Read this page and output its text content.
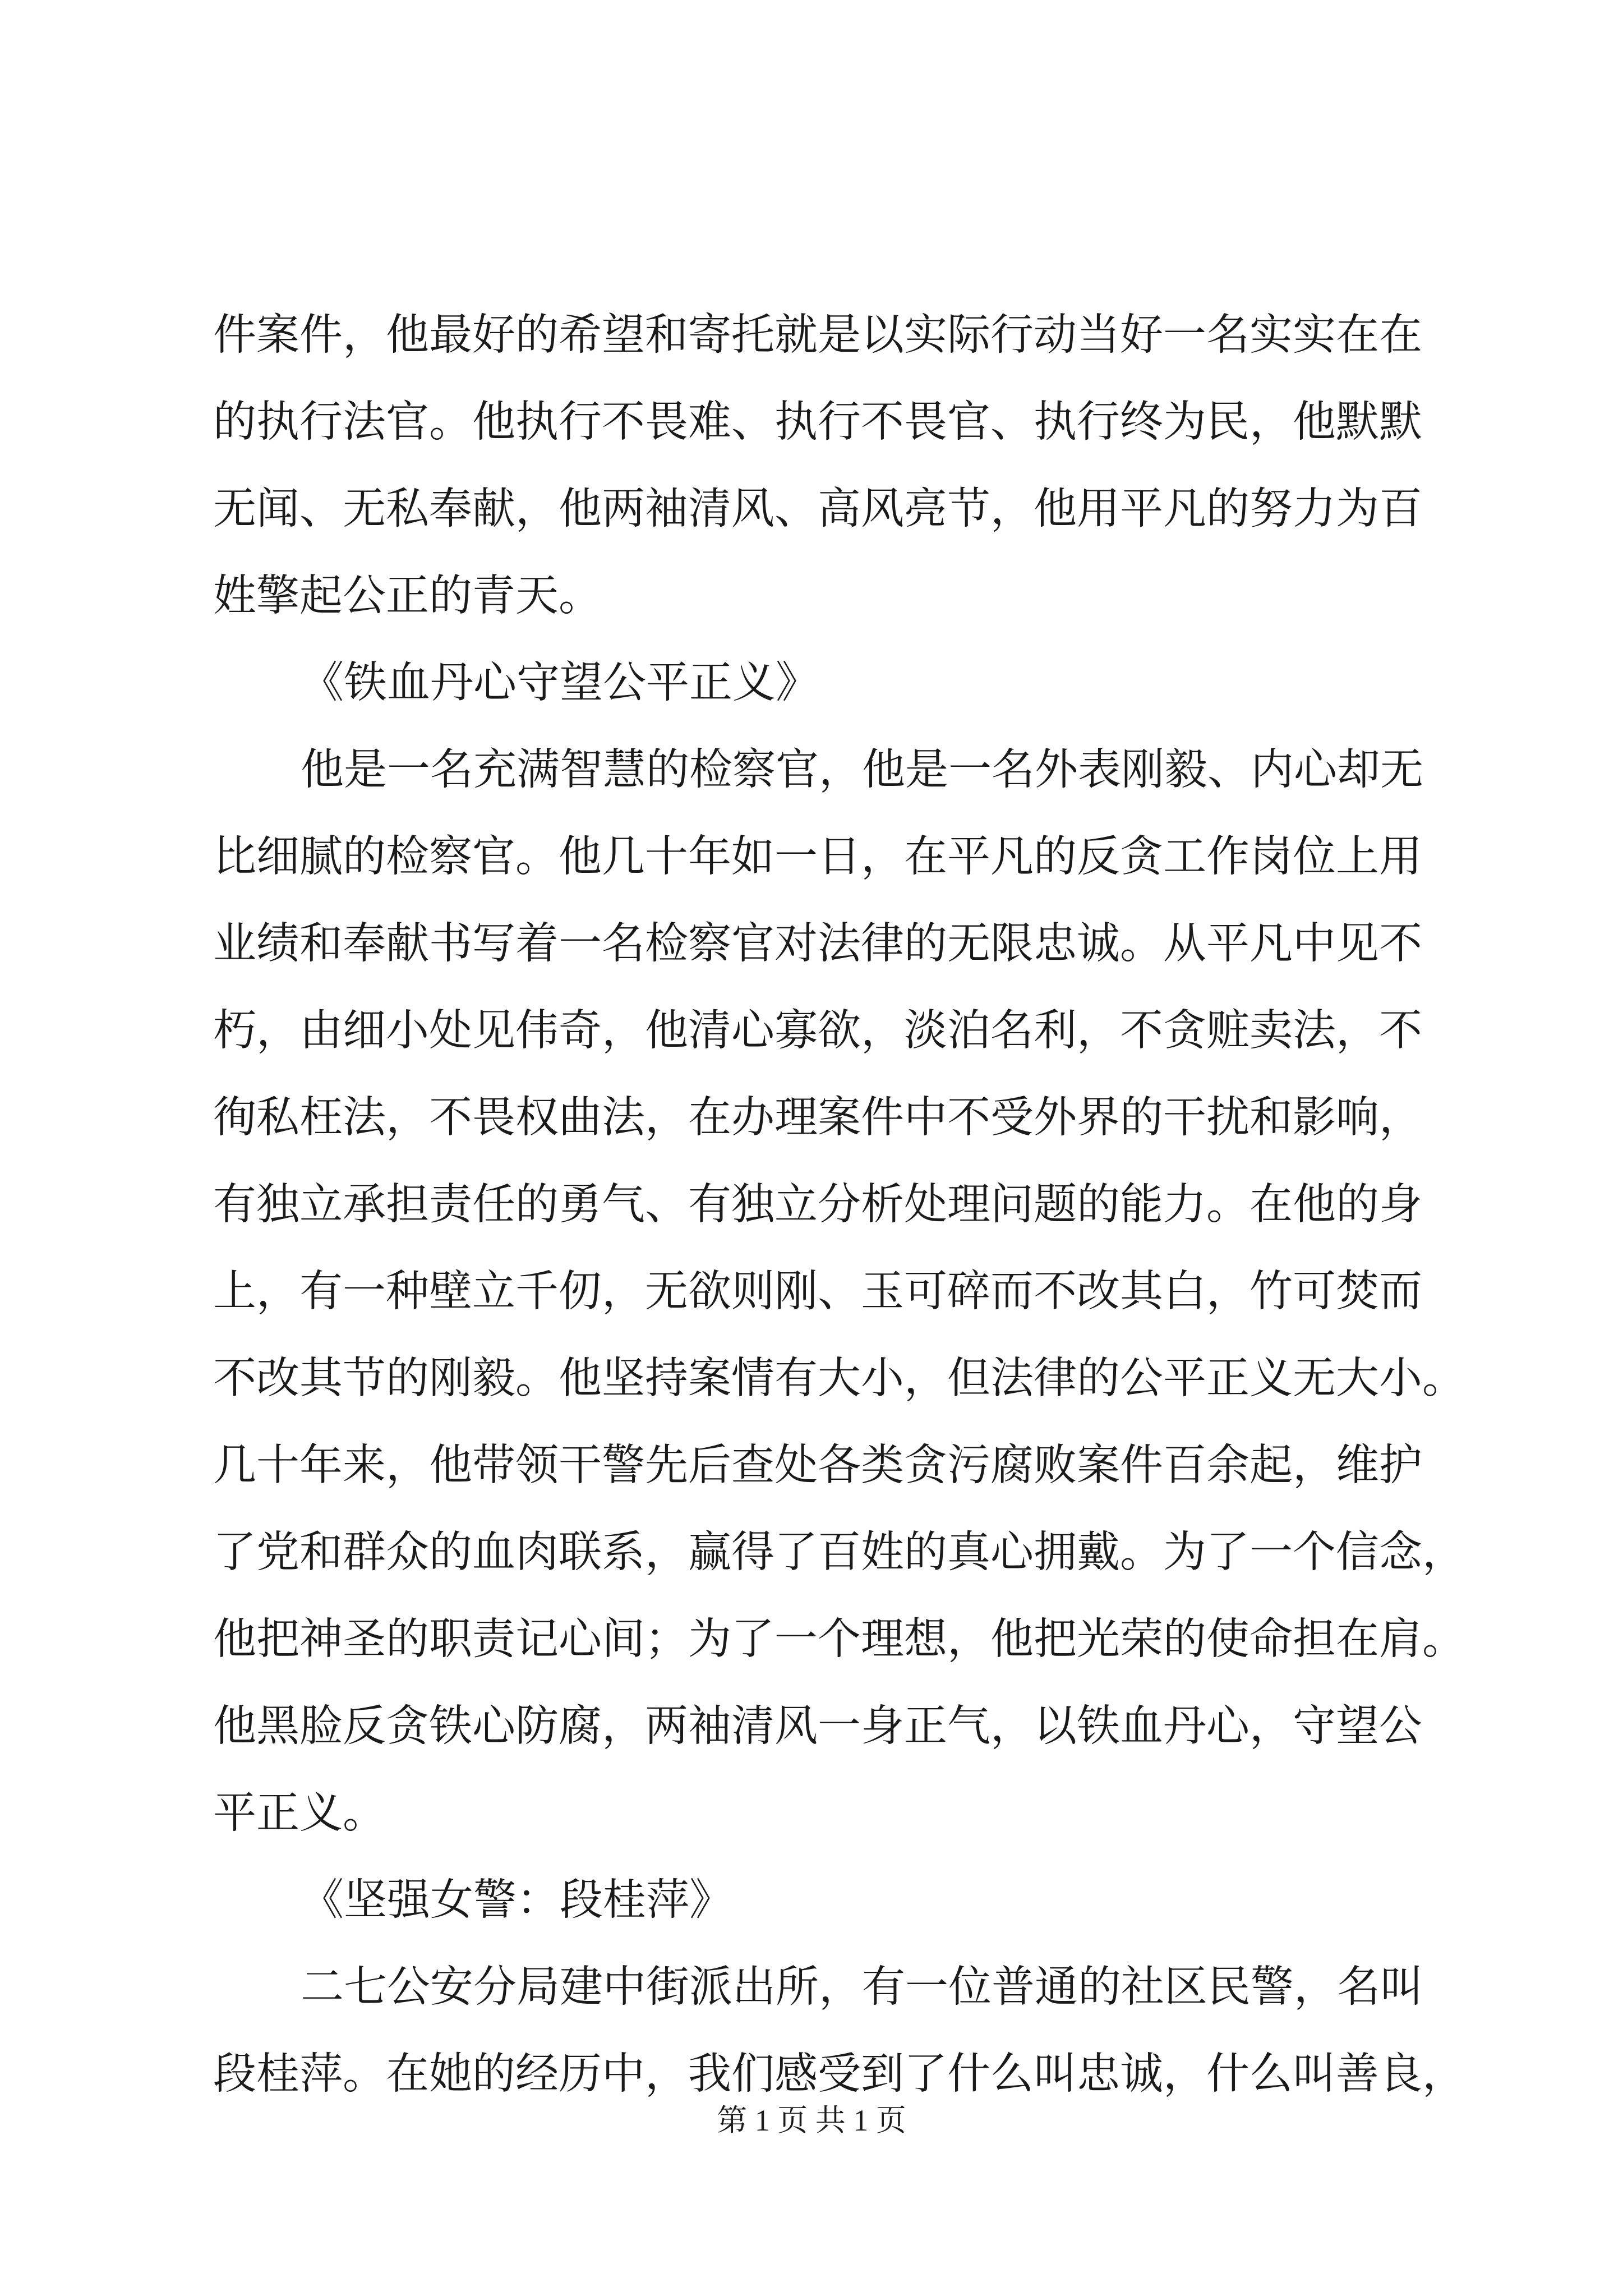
件案件，他最好的希望和寄托就是以实际行动当好一名实实在在
的执行法官。他执行不畏难、执行不畏官、执行终为民，他默默
无闻、无私奉献，他两袖清风、高风亮节，他用平凡的努力为百
姓擎起公正的青天。
《铁血丹心守望公平正义》
他是一名充满智慧的检察官，他是一名外表刚毅、内心却无
比细腻的检察官。他几十年如一日，在平凡的反贪工作岗位上用
业绩和奉献书写着一名检察官对法律的无限忠诚。从平凡中见不
朽，由细小处见伟奇，他清心寡欲，淡泊名利，不贪赃卖法，不
徇私枉法，不畏权曲法，在办理案件中不受外界的干扰和影响，
有独立承担责任的勇气、有独立分析处理问题的能力。在他的身
上，有一种壁立千仞，无欲则刚、玉可碎而不改其白，竹可焚而
不改其节的刚毅。他坚持案情有大小，但法律的公平正义无大小。
几十年来，他带领干警先后查处各类贪污腐败案件百余起，维护
了党和群众的血肉联系，赢得了百姓的真心拥戴。为了一个信念，
他把神圣的职责记心间；为了一个理想，他把光荣的使命担在肩。
他黑脸反贪铁心防腐，两袖清风一身正气，以铁血丹心，守望公
平正义。
《坚强女警：段桂萍》
二七公安分局建中街派出所，有一位普通的社区民警，名叫
段桂萍。在她的经历中，我们感受到了什么叫忠诚，什么叫善良，
第 1 页 共 1 页
